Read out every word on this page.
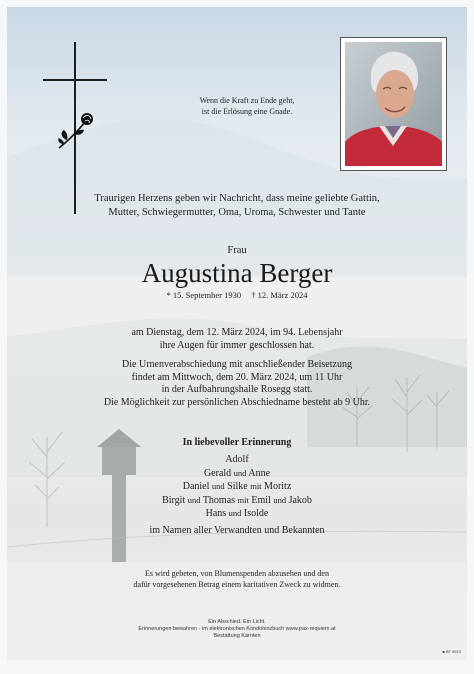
Wenn die Kraft zu Ende geht,
ist die Erlösung eine Gnade.
Traurigen Herzens geben wir Nachricht, dass meine geliebte Gattin,
Mutter, Schwiegermutter, Oma, Uroma, Schwester und Tante
Frau
Augustina Berger
* 15. September 1930 † 12. März 2024
am Dienstag, dem 12. März 2024, im 94. Lebensjahr
ihre Augen für immer geschlossen hat.
Die Urnenverabschiedung mit anschließender Beisetzung
findet am Mittwoch, dem 20. März 2024, um 11 Uhr
in der Aufbahrungshalle Rosegg statt.
Die Möglichkeit zur persönlichen Abschiedname besteht ab 9 Uhr.
In liebevoller Erinnerung
Adolf
Gerald und Anne
Daniel und Silke mit Moritz
Birgit und Thomas mit Emil und Jakob
Hans und Isolde
im Namen aller Verwandten und Bekannten
Es wird gebeten, von Blumenspenden abzusehen und den
dafür vorgesehenen Betrag einem karitativen Zweck zu widmen.
Ein Abschied. Ein Licht.
Erinnerungen bewahren - im elektronischen Kondolenzbuch www.pax-requiem.at
Bestattung Kärnten
■ BF 5619
